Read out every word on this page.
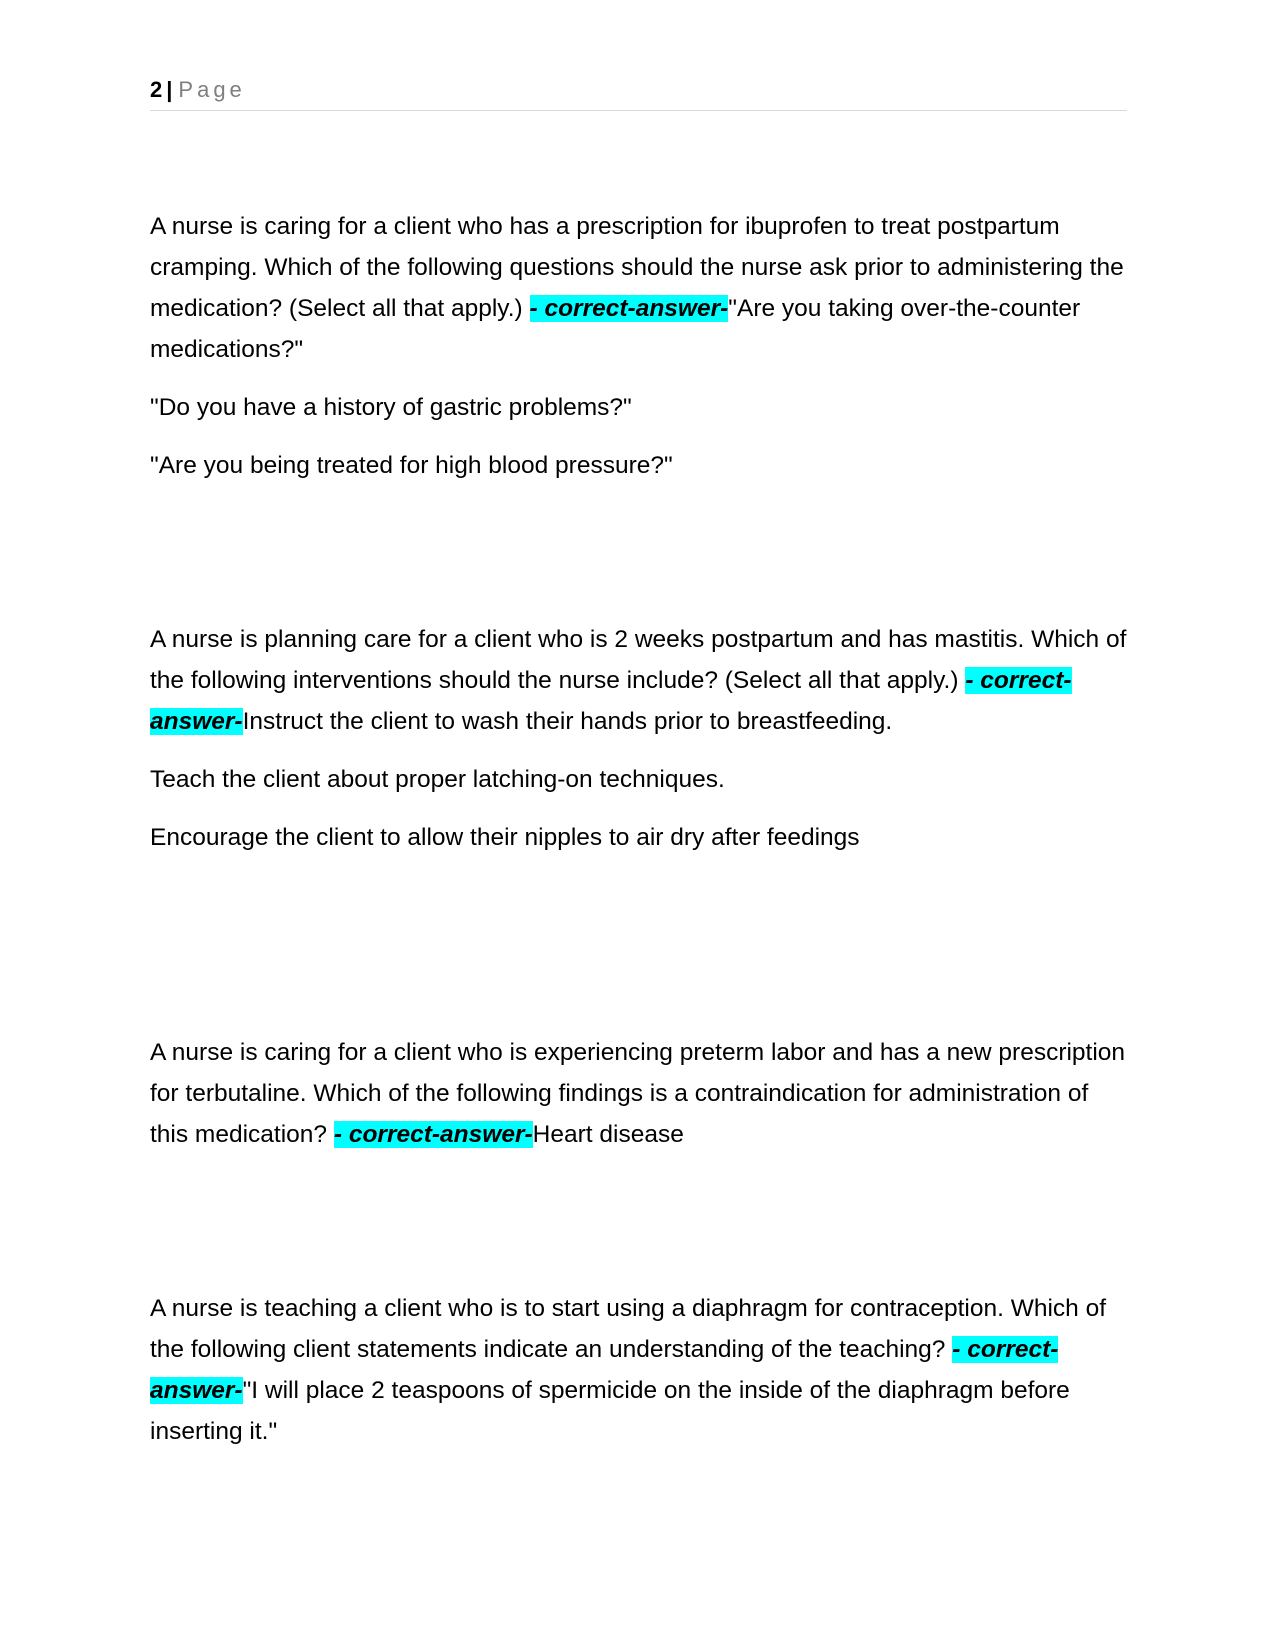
2 | Page

A nurse is caring for a client who has a prescription for ibuprofen to treat postpartum cramping. Which of the following questions should the nurse ask prior to administering the medication? (Select all that apply.) - correct-answer-"Are you taking over-the-counter medications?"

"Do you have a history of gastric problems?"

"Are you being treated for high blood pressure?"

A nurse is planning care for a client who is 2 weeks postpartum and has mastitis. Which of the following interventions should the nurse include? (Select all that apply.) - correct-answer-Instruct the client to wash their hands prior to breastfeeding.

Teach the client about proper latching-on techniques.

Encourage the client to allow their nipples to air dry after feedings

A nurse is caring for a client who is experiencing preterm labor and has a new prescription for terbutaline. Which of the following findings is a contraindication for administration of this medication? - correct-answer-Heart disease

A nurse is teaching a client who is to start using a diaphragm for contraception. Which of the following client statements indicate an understanding of the teaching? - correct-answer-"I will place 2 teaspoons of spermicide on the inside of the diaphragm before inserting it."
